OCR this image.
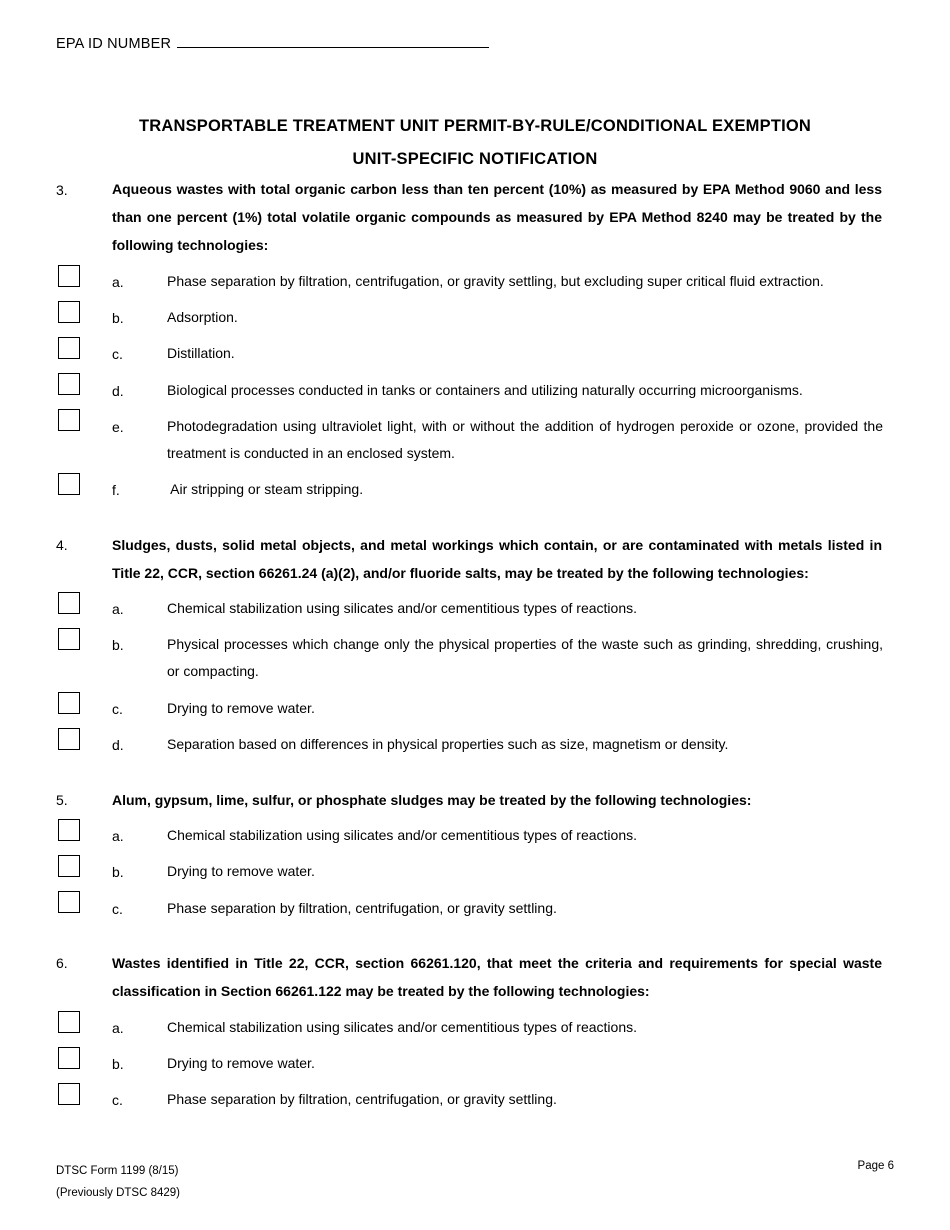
EPA ID NUMBER
TRANSPORTABLE TREATMENT UNIT PERMIT-BY-RULE/CONDITIONAL EXEMPTION
UNIT-SPECIFIC NOTIFICATION
3.	Aqueous wastes with total organic carbon less than ten percent (10%) as measured by EPA Method 9060 and less than one percent (1%) total volatile organic compounds as measured by EPA Method 8240 may be treated by the following technologies:
a.	Phase separation by filtration, centrifugation, or gravity settling, but excluding super critical fluid extraction.
b.	Adsorption.
c.	Distillation.
d.	Biological processes conducted in tanks or containers and utilizing naturally occurring microorganisms.
e.	Photodegradation using ultraviolet light, with or without the addition of hydrogen peroxide or ozone, provided the treatment is conducted in an enclosed system.
f.	Air stripping or steam stripping.
4.	Sludges, dusts, solid metal objects, and metal workings which contain, or are contaminated with metals listed in Title 22, CCR, section 66261.24 (a)(2), and/or fluoride salts, may be treated by the following technologies:
a.	Chemical stabilization using silicates and/or cementitious types of reactions.
b.	Physical processes which change only the physical properties of the waste such as grinding, shredding, crushing, or compacting.
c.	Drying to remove water.
d.	Separation based on differences in physical properties such as size, magnetism or density.
5.	Alum, gypsum, lime, sulfur, or phosphate sludges may be treated by the following technologies:
a.	Chemical stabilization using silicates and/or cementitious types of reactions.
b.	Drying to remove water.
c.	Phase separation by filtration, centrifugation, or gravity settling.
6.	Wastes identified in Title 22, CCR, section 66261.120, that meet the criteria and requirements for special waste classification in Section 66261.122 may be treated by the following technologies:
a.	Chemical stabilization using silicates and/or cementitious types of reactions.
b.	Drying to remove water.
c.	Phase separation by filtration, centrifugation, or gravity settling.
DTSC Form 1199 (8/15)
(Previously DTSC 8429)
Page 6
